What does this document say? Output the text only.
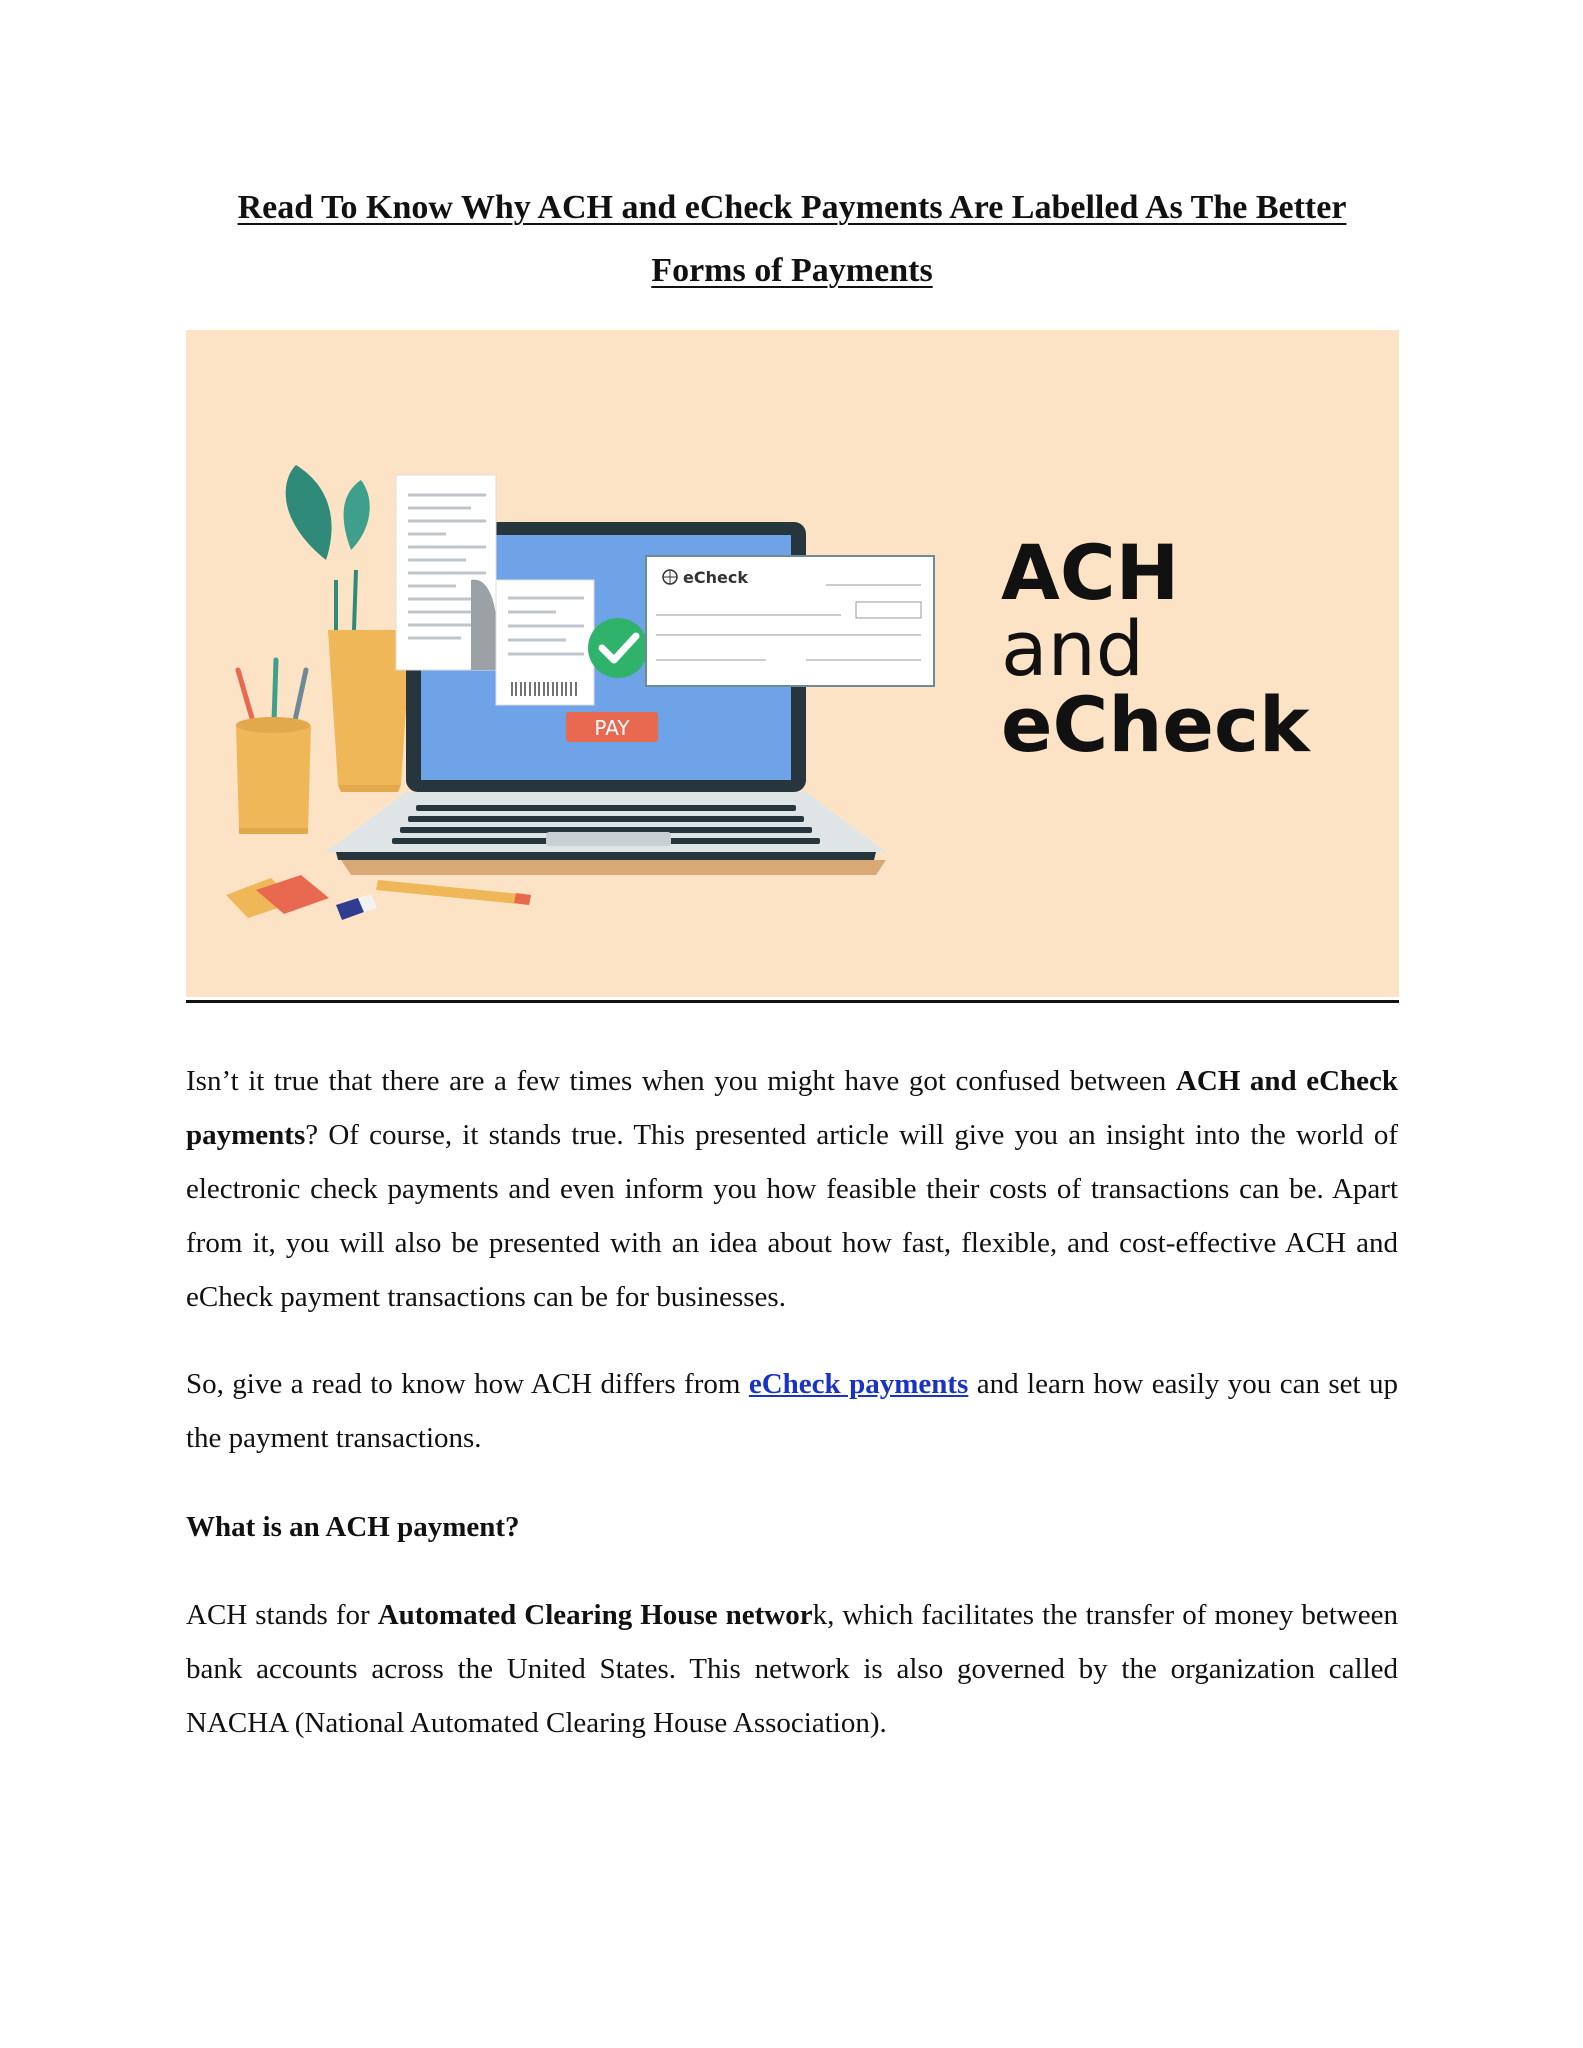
Read To Know Why ACH and eCheck Payments Are Labelled As The Better
Forms of Payments
PAY
eCheck	ACH
and
eCheck

Isn’t it true that there are a few times when you might have got confused between ACH and eCheck payments? Of course, it stands true. This presented article will give you an insight into the world of electronic check payments and even inform you how feasible their costs of transactions can be. Apart from it, you will also be presented with an idea about how fast, flexible, and cost-effective ACH and eCheck payment transactions can be for businesses.

So, give a read to know how ACH differs from eCheck payments and learn how easily you can set up the payment transactions.

What is an ACH payment?

ACH stands for Automated Clearing House network, which facilitates the transfer of money between bank accounts across the United States. This network is also governed by the organization called NACHA (National Automated Clearing House Association).
